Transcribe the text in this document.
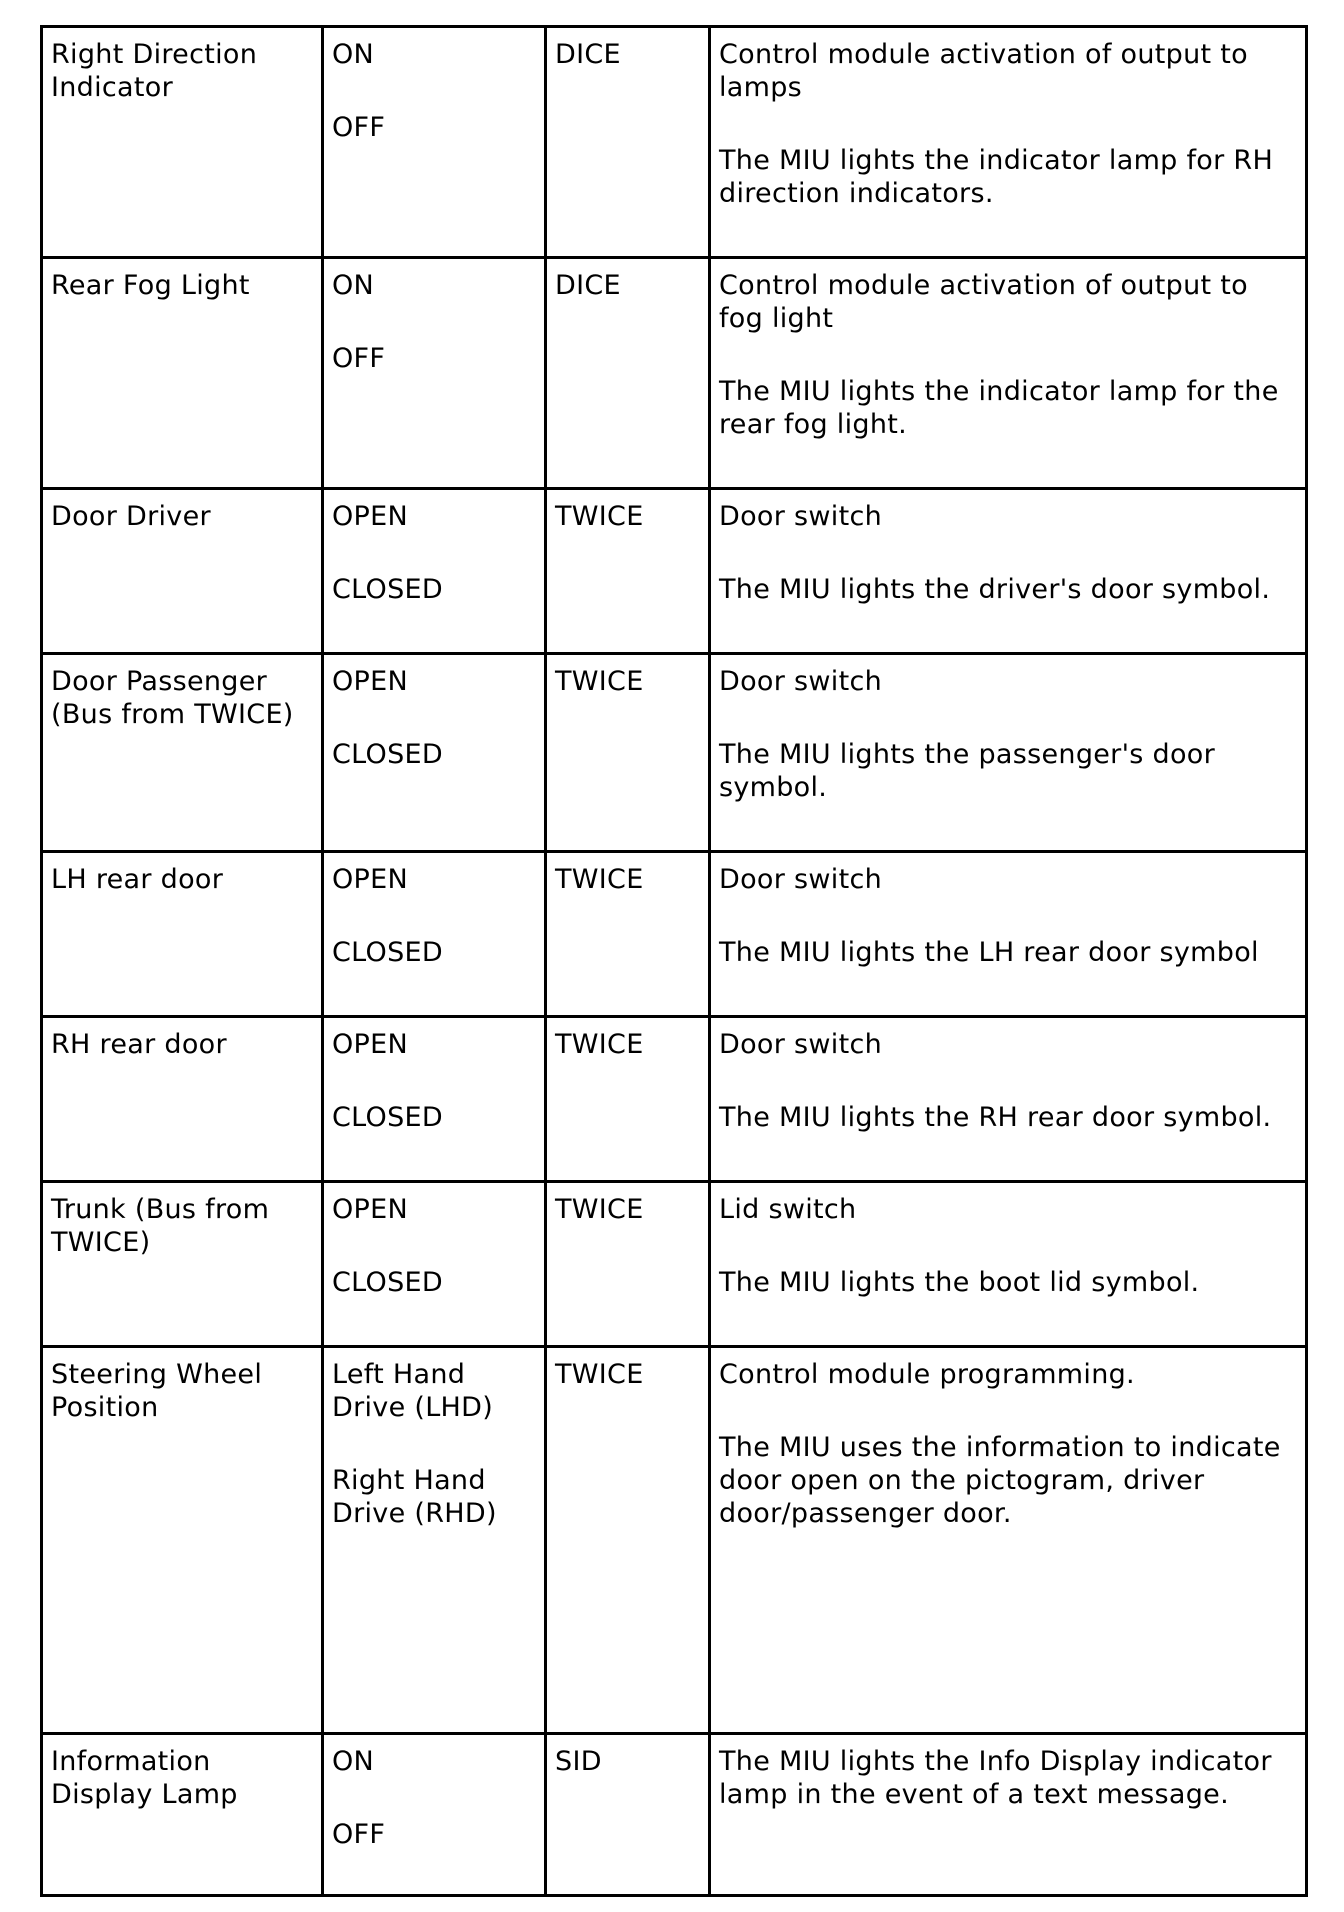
Right Direction Indicator	ON
OFF	DICE	Control module activation of output to lamps
The MIU lights the indicator lamp for RH direction indicators.

Rear Fog Light	ON
OFF	DICE	Control module activation of output to fog light
The MIU lights the indicator lamp for the rear fog light.

Door Driver	OPEN
CLOSED	TWICE	Door switch
The MIU lights the driver's door symbol.

Door Passenger (Bus from TWICE)	OPEN
CLOSED	TWICE	Door switch
The MIU lights the passenger's door symbol.

LH rear door	OPEN
CLOSED	TWICE	Door switch
The MIU lights the LH rear door symbol

RH rear door	OPEN
CLOSED	TWICE	Door switch
The MIU lights the RH rear door symbol.

Trunk (Bus from TWICE)	OPEN
CLOSED	TWICE	Lid switch
The MIU lights the boot lid symbol.

Steering Wheel Position	Left Hand Drive (LHD)
Right Hand Drive (RHD)	TWICE	Control module programming.
The MIU uses the information to indicate door open on the pictogram, driver door/passenger door.

Information Display Lamp	ON
OFF	SID	The MIU lights the Info Display indicator lamp in the event of a text message.
